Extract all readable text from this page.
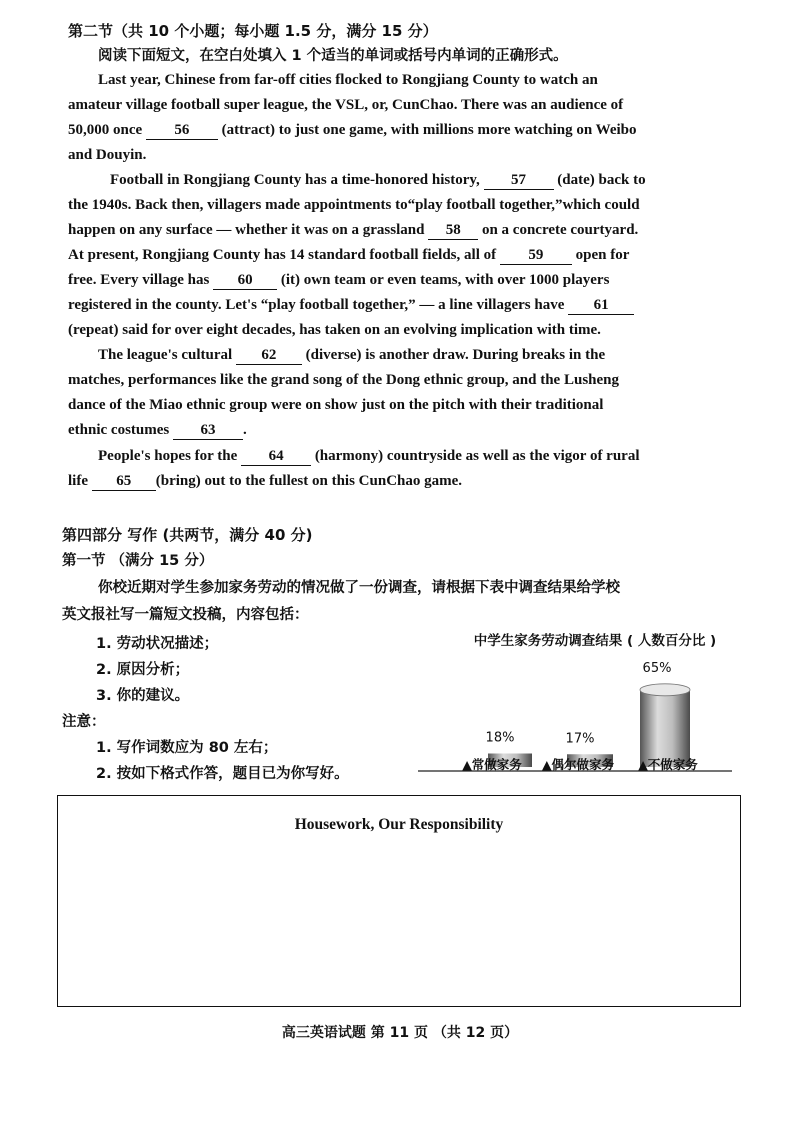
第二节（共 10 个小题；每小题 1.5 分，满分 15 分）
阅读下面短文，在空白处填入 1 个适当的单词或括号内单词的正确形式。
Last year, Chinese from far-off cities flocked to Rongjiang County to watch an
amateur village football super league, the VSL, or, CunChao. There was an audience of
50,000 once 56 (attract) to just one game, with millions more watching on Weibo
and Douyin.
Football in Rongjiang County has a time-honored history, 57 (date) back to
the 1940s. Back then, villagers made appointments to“play football together,”which could
happen on any surface — whether it was on a grassland 58 on a concrete courtyard.
At present, Rongjiang County has 14 standard football fields, all of 59 open for
free. Every village has 60 (it) own team or even teams, with over 1000 players
registered in the county. Let's “play football together,” — a line villagers have 61
(repeat) said for over eight decades, has taken on an evolving implication with time.
The league's cultural 62 (diverse) is another draw. During breaks in the
matches, performances like the grand song of the Dong ethnic group, and the Lusheng
dance of the Miao ethnic group were on show just on the pitch with their traditional
ethnic costumes 63 .
People's hopes for the 64 (harmony) countryside as well as the vigor of rural
life 65 (bring) out to the fullest on this CunChao game.
第四部分 写作 (共两节，满分 40 分)
第一节 （满分 15 分）
你校近期对学生参加家务劳动的情况做了一份调查，请根据下表中调查结果给学校
英文报社写一篇短文投稿，内容包括：
1. 劳动状况描述；
2. 原因分析；
3. 你的建议。
注意：
1. 写作词数应为 80 左右；
2. 按如下格式作答，题目已为你写好。
中学生家务劳动调查结果 ( 人数百分比 )
18%
▲常做家务
17%
▲偶尔做家务
65%
▲不做家务
Housework, Our Responsibility
高三英语试题 第 11 页 （共 12 页）
